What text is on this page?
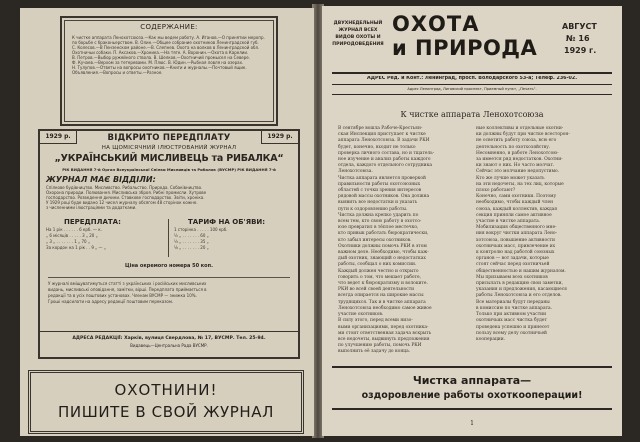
СОДЕРЖАНИЕ:
К чистке аппарата Ленохотсоюза.—Как мы ведем работу. А. Иганов.—О принятии меропр.
по борьбе с браконьерством. В. Олин.—Общее собрание охотников Ленинградской губ.
С. Колесов.—В Пензенском районе.—В. Слепнев. Охота на волков в Ленинградской обл.
Охотничьи собаки. П. Аксаков.—Хроника.—На тяге. А. Воронин.—Охота в Карелии.
В. Петров.—Выбор ружейного ствола. В. Шелков.—Охотничий промысел на Севере.
Ф. Кучаев.—Верхом за тетеревами. М. Плюс. В. Юдин.—Рыбная ловля на озерах.
Н. Тулупов.—Ответы на вопросы охотников.—Книги и журналы.—Почтовый ящик.
Объявления.—Вопросы и ответы.—Разное.
1929 р.	1929 р.
ВІДКРИТО ПЕРЕДПЛАТУ
НА ЩОМІСЯЧНИЙ ІЛЮСТРОВАНИЙ ЖУРНАЛ
„УКРАЇНСЬКИЙ МИСЛИВЕЦЬ та РИБАЛКА“
РІК ВИДАННЯ 7-й Орган Всеукраїнської Спілки Мисливців та Рибалок (ВУСМР) РІК ВИДАННЯ 7-й
ЖУРНАЛ МАЄ ВІДДІЛИ:
Спілкове будівництво. Мисливство. Рибальство. Природа. Собаківництво.
Охорона природи. Полювання. Мисливська зброя. Рибні промисли. Хутрове
господарство. Розведення дичини. Ставкове господарство. Звіти, хроніка.
У 1929 році буде видано 12 чисел журналу обсягом 48 сторінок кожне.
з численними ілюстраціями та додатками.
ПЕРЕДПЛАТА:
На 1 рік . . . . . . 6 крб. — к.
„ 6 місяців . . . . . 3 „ 20 „
„ 3 „ . . . . . . . 1 „ 70 „
За кордон на 1 рік . . 9 „ — „
ТАРИФ НА ОБ'ЯВИ:
1 сторінка . . . . . 100 крб.
½ „ . . . . . . . 60 „
¼ „ . . . . . . . 35 „
⅛ „ . . . . . . . 20 „
Ціна окремого номера 50 коп.
У журналі вміщуватимуться статті з українських і російських мисливських
видань, мисливські оповідання, замітки, вірші. Передплата приймається в
редакції та в усіх поштових установах. Членам ВУСМР — знижка 10%.
Гроші надсилати на адресу редакції поштовим переказом.
АДРЕСА РЕДАКЦІЇ: Харків, вулиця Свердлова, № 17, ВУСМР. Тел. 25-94.
Видавець—Центральна Рада ВУСМР.
ОХОТНИНИ!
ПИШИТЕ В СВОЙ ЖУРНАЛ
ДВУХНЕДЕЛЬНЫЙ ЖУРНАЛ ВСЕХ ВИДОВ ОХОТЫ И ПРИРОДОВЕДЕНИЯ
ОХОТА
и ПРИРОДА
АВГУСТ
№ 16
1929 г.
АДРЕС Ред. и Конт.: Ленинград, просп. Володарского 53-а; Телеф. 236-02.
Адрес Ленинград, Лиговский проспект, Приемный пункт, „Печать“.
К чистке аппарата Ленохотсоюза
В сентябре вошла Рабоче-Крестьян-
ская Инспекция приступает к чистке
аппарата Ленохотсоюза. В задачи РКИ
будет, конечно, входит не только
проверка личного состава, но и тщатель-
ное изучение и анализ работы каждого
отдела, каждого отдельного сотрудника
Ленохотсоюза.
Чистка аппарата является проверкой
правильности работы охотсоюзных
областей с точки зрения интересов
рядовой массы охотников. Она должна
выявить все недостатки и указать
пути к оздоровлению работы.
Чистка должна крепко ударить по
всем тем, кто свою работу в охотсо-
юзе превратил в тёплое местечко,
кто привык работать бюрократически,
кто забыл интересы охотников.
Охотники должны помочь РКИ в этом
важном деле. Необходимо, чтобы каж-
дый охотник, знающий о недостатках
работы, сообщал о них комиссии.
Каждый должен честно и открыто
говорить о том, что мешает работе,
что ведет к бюрократизму и волоките.
РКИ во всей своей деятельности
всегда опирается на широкие массы
трудящихся. Так и в чистке аппарата
Ленохотсоюза необходимо самое живое
участие охотников.
В силу этого, перед всеми низо-
выми организациями, перед охотника-
ми стоит ответственная задача вскрыть
все недочеты, выдвинуть предложения
по улучшению работы, помочь РКИ
выполнить её задачу до конца.
ные коллективы и отдельные охотни-
ки должны будут при чистке всесторон-
не осветить работу союза, всю его
деятельность по охотхозяйству.
Несомненно, в работе Ленохотсою-
за имеется ряд недостатков. Охотни-
ки знают о них. Но часто молчат.
Сейчас это молчание недопустимо.
Кто же лучше может указать
на эти недочеты, на тех лиц, которые
плохо работают?
Конечно, сами охотники. Поэтому
необходимо, чтобы каждый член
союза, каждый коллектив, каждая
секция приняли самое активное
участие в чистке аппарата.
Мобилизация общественного мне-
ния вокруг чистки аппарата Лено-
хотсоюза, повышение активности
охотничьих масс, привлечение их
к контролю над работой союзных
органов — вот задачи, которые
стоят сейчас перед охотничьей
общественностью и нашим журналом.
Мы призываем всех охотников
присылать в редакцию свои заметки,
указания и предложения, касающиеся
работы Ленохотсоюза и его отделов.
Все материалы будут переданы
в комиссию по чистке аппарата.
Только при активном участии
охотничьих масс чистка будет
проведена успешно и принесет
пользу всему делу охотничьей
кооперации.
Чистка аппарата—
оздоровление работы охоткооперации!
1
